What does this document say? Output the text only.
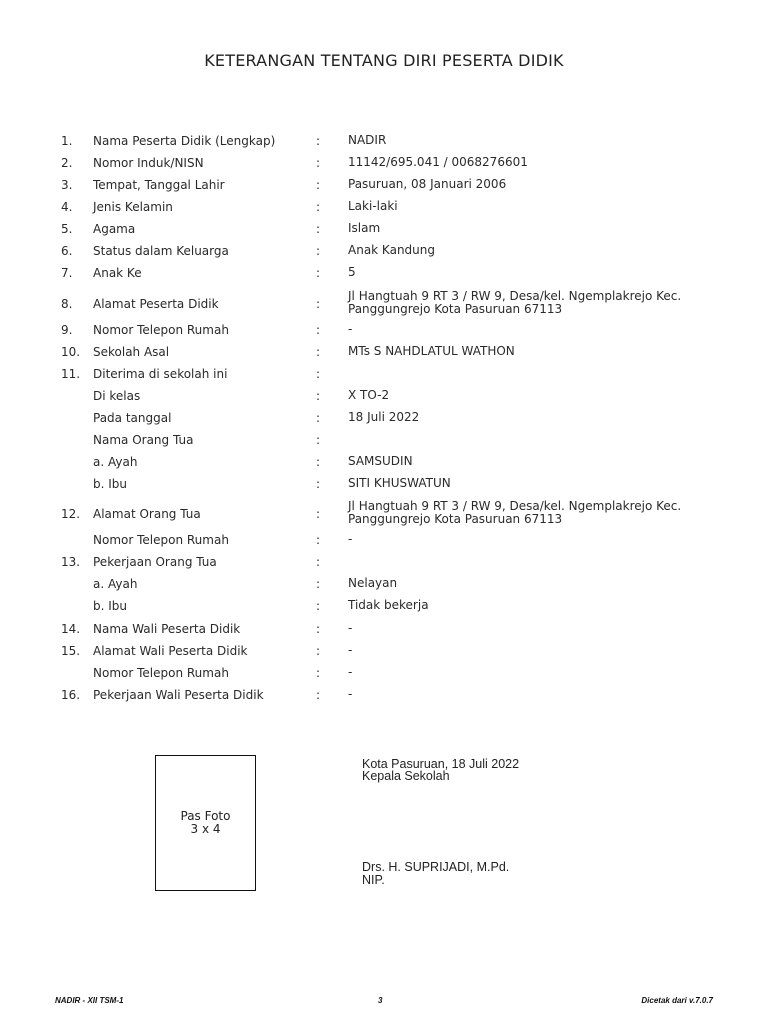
KETERANGAN TENTANG DIRI PESERTA DIDIK
1. Nama Peserta Didik (Lengkap)	: NADIR
2. Nomor Induk/NISN	: 11142/695.041 / 0068276601
3. Tempat, Tanggal Lahir	: Pasuruan, 08 Januari 2006
4. Jenis Kelamin	: Laki-laki
5. Agama	: Islam
6. Status dalam Keluarga	: Anak Kandung
7. Anak Ke	: 5
8. Alamat Peserta Didik	:
Jl Hangtuah 9 RT 3 / RW 9, Desa/kel. Ngemplakrejo Kec.
Panggungrejo Kota Pasuruan 67113
9. Nomor Telepon Rumah	: -
10. Sekolah Asal	: MTs S NAHDLATUL WATHON
11. Diterima di sekolah ini	:
Di kelas	: X TO-2
Pada tanggal	: 18 Juli 2022
Nama Orang Tua	:
a. Ayah	: SAMSUDIN
b. Ibu	: SITI KHUSWATUN
12. Alamat Orang Tua	:
Jl Hangtuah 9 RT 3 / RW 9, Desa/kel. Ngemplakrejo Kec.
Panggungrejo Kota Pasuruan 67113
Nomor Telepon Rumah	: -
13. Pekerjaan Orang Tua	:
a. Ayah	: Nelayan
b. Ibu	: Tidak bekerja
14. Nama Wali Peserta Didik	: -
15. Alamat Wali Peserta Didik	: -
Nomor Telepon Rumah	: -
16. Pekerjaan Wali Peserta Didik	: -
Pas Foto
3 x 4
Kota Pasuruan, 18 Juli 2022
Kepala Sekolah
Drs. H. SUPRIJADI, M.Pd.
NIP.
NADIR - XII TSM-1	3	Dicetak dari v.7.0.7
